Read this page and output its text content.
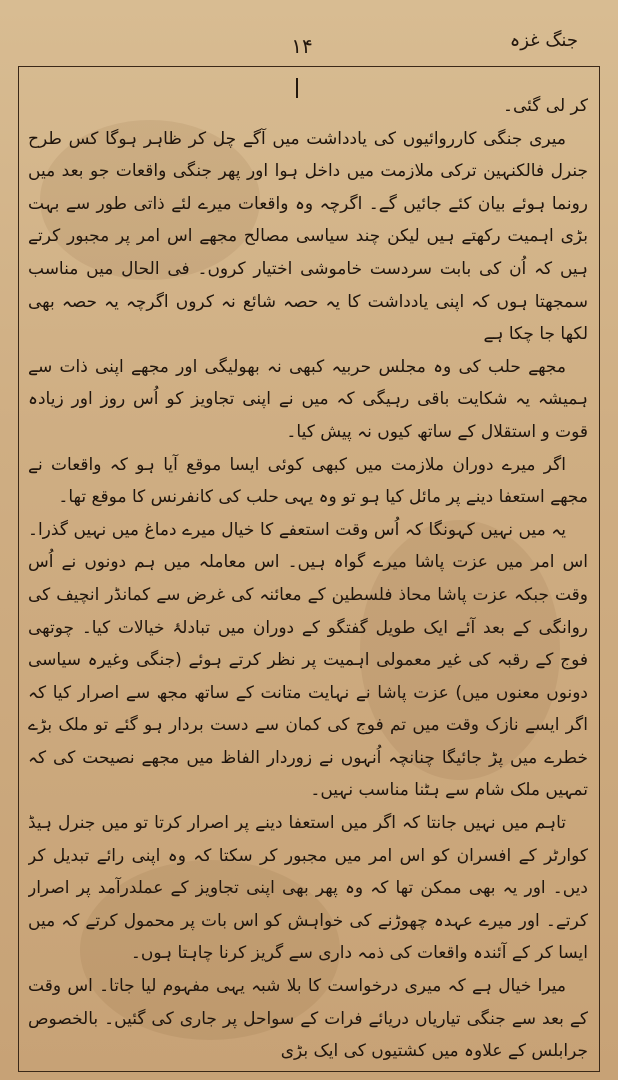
۱۴	جنگ غزہ

کر لی گئی۔

میری جنگی کارروائیوں کی یادداشت میں آگے چل کر ظاہر ہوگا کس طرح جنرل فالکنہین ترکی ملازمت میں داخل ہوا اور پھر جنگی واقعات جو بعد میں رونما ہوئے بیان کئے جائیں گے۔ اگرچہ وہ واقعات میرے لئے ذاتی طور سے بہت بڑی اہمیت رکھتے ہیں لیکن چند سیاسی مصالح مجھے اس امر پر مجبور کرتے ہیں کہ اُن کی بابت سردست خاموشی اختیار کروں۔ فی الحال میں مناسب سمجھتا ہوں کہ اپنی یادداشت کا یہ حصہ شائع نہ کروں اگرچہ یہ حصہ بھی لکھا جا چکا ہے

مجھے حلب کی وہ مجلس حربیہ کبھی نہ بھولیگی اور مجھے اپنی ذات سے ہمیشہ یہ شکایت باقی رہیگی کہ میں نے اپنی تجاویز کو اُس روز اور زیادہ قوت و استقلال کے ساتھ کیوں نہ پیش کیا۔

اگر میرے دوران ملازمت میں کبھی کوئی ایسا موقع آیا ہو کہ واقعات نے مجھے استعفا دینے پر مائل کیا ہو تو وہ یہی حلب کی کانفرنس کا موقع تھا۔

یہ میں نہیں کہونگا کہ اُس وقت استعفے کا خیال میرے دماغ میں نہیں گذرا۔ اس امر میں عزت پاشا میرے گواہ ہیں۔ اس معاملہ میں ہم دونوں نے اُس وقت جبکہ عزت پاشا محاذ فلسطین کے معائنہ کی غرض سے کمانڈر انچیف کی روانگی کے بعد آئے ایک طویل گفتگو کے دوران میں تبادلۂ خیالات کیا۔ چوتھی فوج کے رقبہ کی غیر معمولی اہمیت پر نظر کرتے ہوئے (جنگی وغیرہ سیاسی دونوں معنوں میں) عزت پاشا نے نہایت متانت کے ساتھ مجھ سے اصرار کیا کہ اگر ایسے نازک وقت میں تم فوج کی کمان سے دست بردار ہو گئے تو ملک بڑے خطرے میں پڑ جائیگا چنانچہ اُنہوں نے زوردار الفاظ میں مجھے نصیحت کی کہ تمہیں ملک شام سے ہٹنا مناسب نہیں۔

تاہم میں نہیں جانتا کہ اگر میں استعفا دینے پر اصرار کرتا تو میں جنرل ہیڈ کوارٹر کے افسران کو اس امر میں مجبور کر سکتا کہ وہ اپنی رائے تبدیل کر دیں۔ اور یہ بھی ممکن تھا کہ وہ پھر بھی اپنی تجاویز کے عملدرآمد پر اصرار کرتے۔ اور میرے عہدہ چھوڑنے کی خواہش کو اس بات پر محمول کرتے کہ میں ایسا کر کے آئندہ واقعات کی ذمہ داری سے گریز کرنا چاہتا ہوں۔

میرا خیال ہے کہ میری درخواست کا بلا شبہ یہی مفہوم لیا جاتا۔ اس وقت کے بعد سے جنگی تیاریاں دریائے فرات کے سواحل پر جاری کی گئیں۔ بالخصوص جرابلس کے علاوہ میں کشتیوں کی ایک بڑی
